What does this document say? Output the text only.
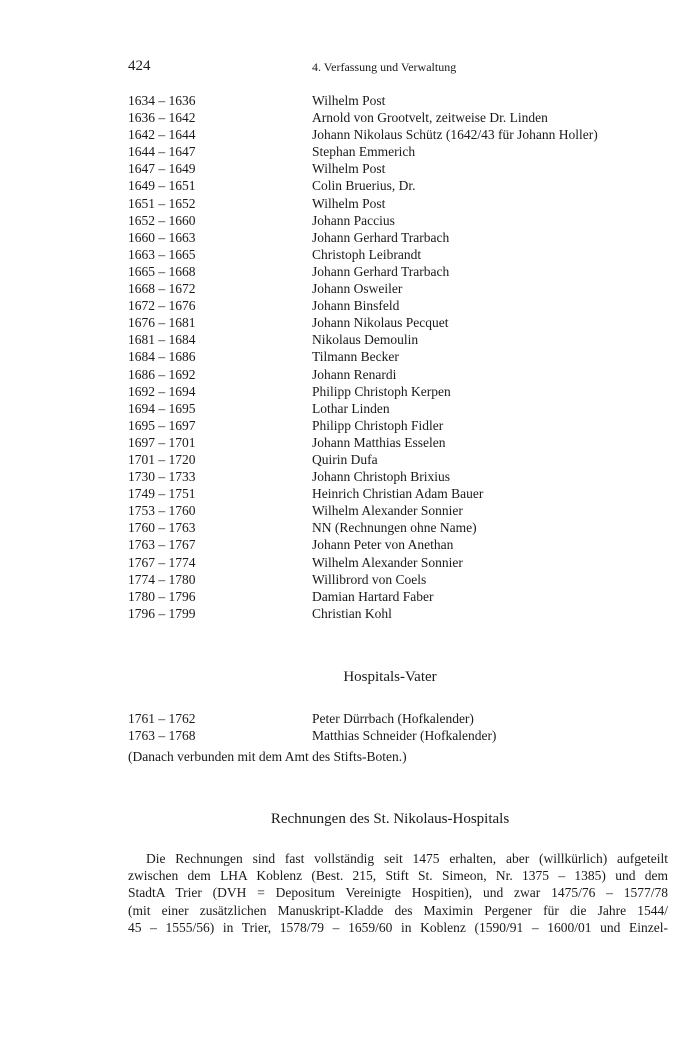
424	4. Verfassung und Verwaltung
1634 – 1636	Wilhelm Post
1636 – 1642	Arnold von Grootvelt, zeitweise Dr. Linden
1642 – 1644	Johann Nikolaus Schütz (1642/43 für Johann Holler)
1644 – 1647	Stephan Emmerich
1647 – 1649	Wilhelm Post
1649 – 1651	Colin Bruerius, Dr.
1651 – 1652	Wilhelm Post
1652 – 1660	Johann Paccius
1660 – 1663	Johann Gerhard Trarbach
1663 – 1665	Christoph Leibrandt
1665 – 1668	Johann Gerhard Trarbach
1668 – 1672	Johann Osweiler
1672 – 1676	Johann Binsfeld
1676 – 1681	Johann Nikolaus Pecquet
1681 – 1684	Nikolaus Demoulin
1684 – 1686	Tilmann Becker
1686 – 1692	Johann Renardi
1692 – 1694	Philipp Christoph Kerpen
1694 – 1695	Lothar Linden
1695 – 1697	Philipp Christoph Fidler
1697 – 1701	Johann Matthias Esselen
1701 – 1720	Quirin Dufa
1730 – 1733	Johann Christoph Brixius
1749 – 1751	Heinrich Christian Adam Bauer
1753 – 1760	Wilhelm Alexander Sonnier
1760 – 1763	NN (Rechnungen ohne Name)
1763 – 1767	Johann Peter von Anethan
1767 – 1774	Wilhelm Alexander Sonnier
1774 – 1780	Willibrord von Coels
1780 – 1796	Damian Hartard Faber
1796 – 1799	Christian Kohl
Hospitals-Vater
1761 – 1762	Peter Dürrbach (Hofkalender)
1763 – 1768	Matthias Schneider (Hofkalender)
(Danach verbunden mit dem Amt des Stifts-Boten.)
Rechnungen des St. Nikolaus-Hospitals
Die Rechnungen sind fast vollständig seit 1475 erhalten, aber (willkürlich) aufgeteilt
zwischen dem LHA Koblenz (Best. 215, Stift St. Simeon, Nr. 1375 – 1385) und dem
StadtA Trier (DVH = Depositum Vereinigte Hospitien), und zwar 1475/76 – 1577/78
(mit einer zusätzlichen Manuskript-Kladde des Maximin Pergener für die Jahre 1544/
45 – 1555/56) in Trier, 1578/79 – 1659/60 in Koblenz (1590/91 – 1600/01 und Einzel-
